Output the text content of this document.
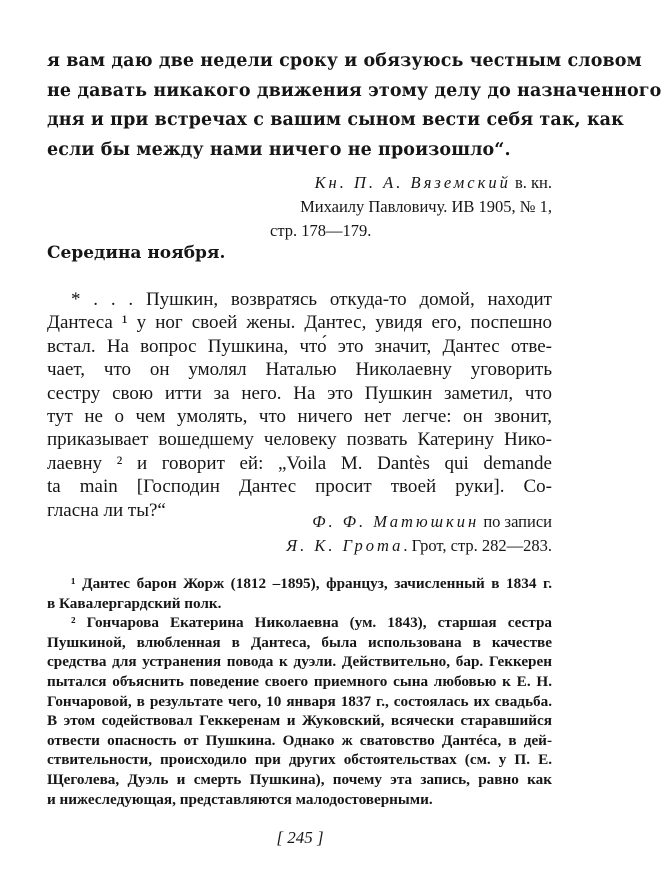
я вам даю две недели сроку и обязуюсь честным словом
не давать никакого движения этому делу до назначенного
дня и при встречах с вашим сыном вести себя так, как
если бы между нами ничего не произошло“.
Кн. П. А. Вяземский в. кн.
Михаилу Павловичу. ИВ 1905, № 1,
стр. 178—179.
Середина ноября.
* . . . Пушкин, возвратясь откуда-то домой, находит
Дантеса ¹ у ног своей жены. Дантес, увидя его, поспешно
встал. На вопрос Пушкина, что́ это значит, Дантес отве-
чает, что он умолял Наталью Николаевну уговорить
сестру свою итти за него. На это Пушкин заметил, что
тут не о чем умолять, что ничего нет легче: он звонит,
приказывает вошедшему человеку позвать Катерину Нико-
лаевну ² и говорит ей: „Voila M. Dantès qui demande
ta main [Господин Дантес просит твоей руки]. Со-
гласна ли ты?“
Ф. Ф. Матюшкин по записи
Я. К. Грота. Грот, стр. 282—283.
¹ Дантес барон Жорж (1812 –1895), француз, зачисленный в 1834 г.
в Кавалергардский полк.
² Гончарова Екатерина Николаевна (ум. 1843), старшая сестра
Пушкиной, влюбленная в Дантеса, была использована в качестве
средства для устранения повода к дуэли. Действительно, бар. Геккерен
пытался объяснить поведение своего приемного сына любовью к Е. Н.
Гончаровой, в результате чего, 10 января 1837 г., состоялась их свадьба.
В этом содействовал Геккеренам и Жуковский, всячески старавшийся
отвести опасность от Пушкина. Однако ж сватовство Дантéса, в дей-
ствительности, происходило при других обстоятельствах (см. у П. Е.
Щеголева, Дуэль и смерть Пушкина), почему эта запись, равно как
и нижеследующая, представляются малодостоверными.
[ 245 ]
